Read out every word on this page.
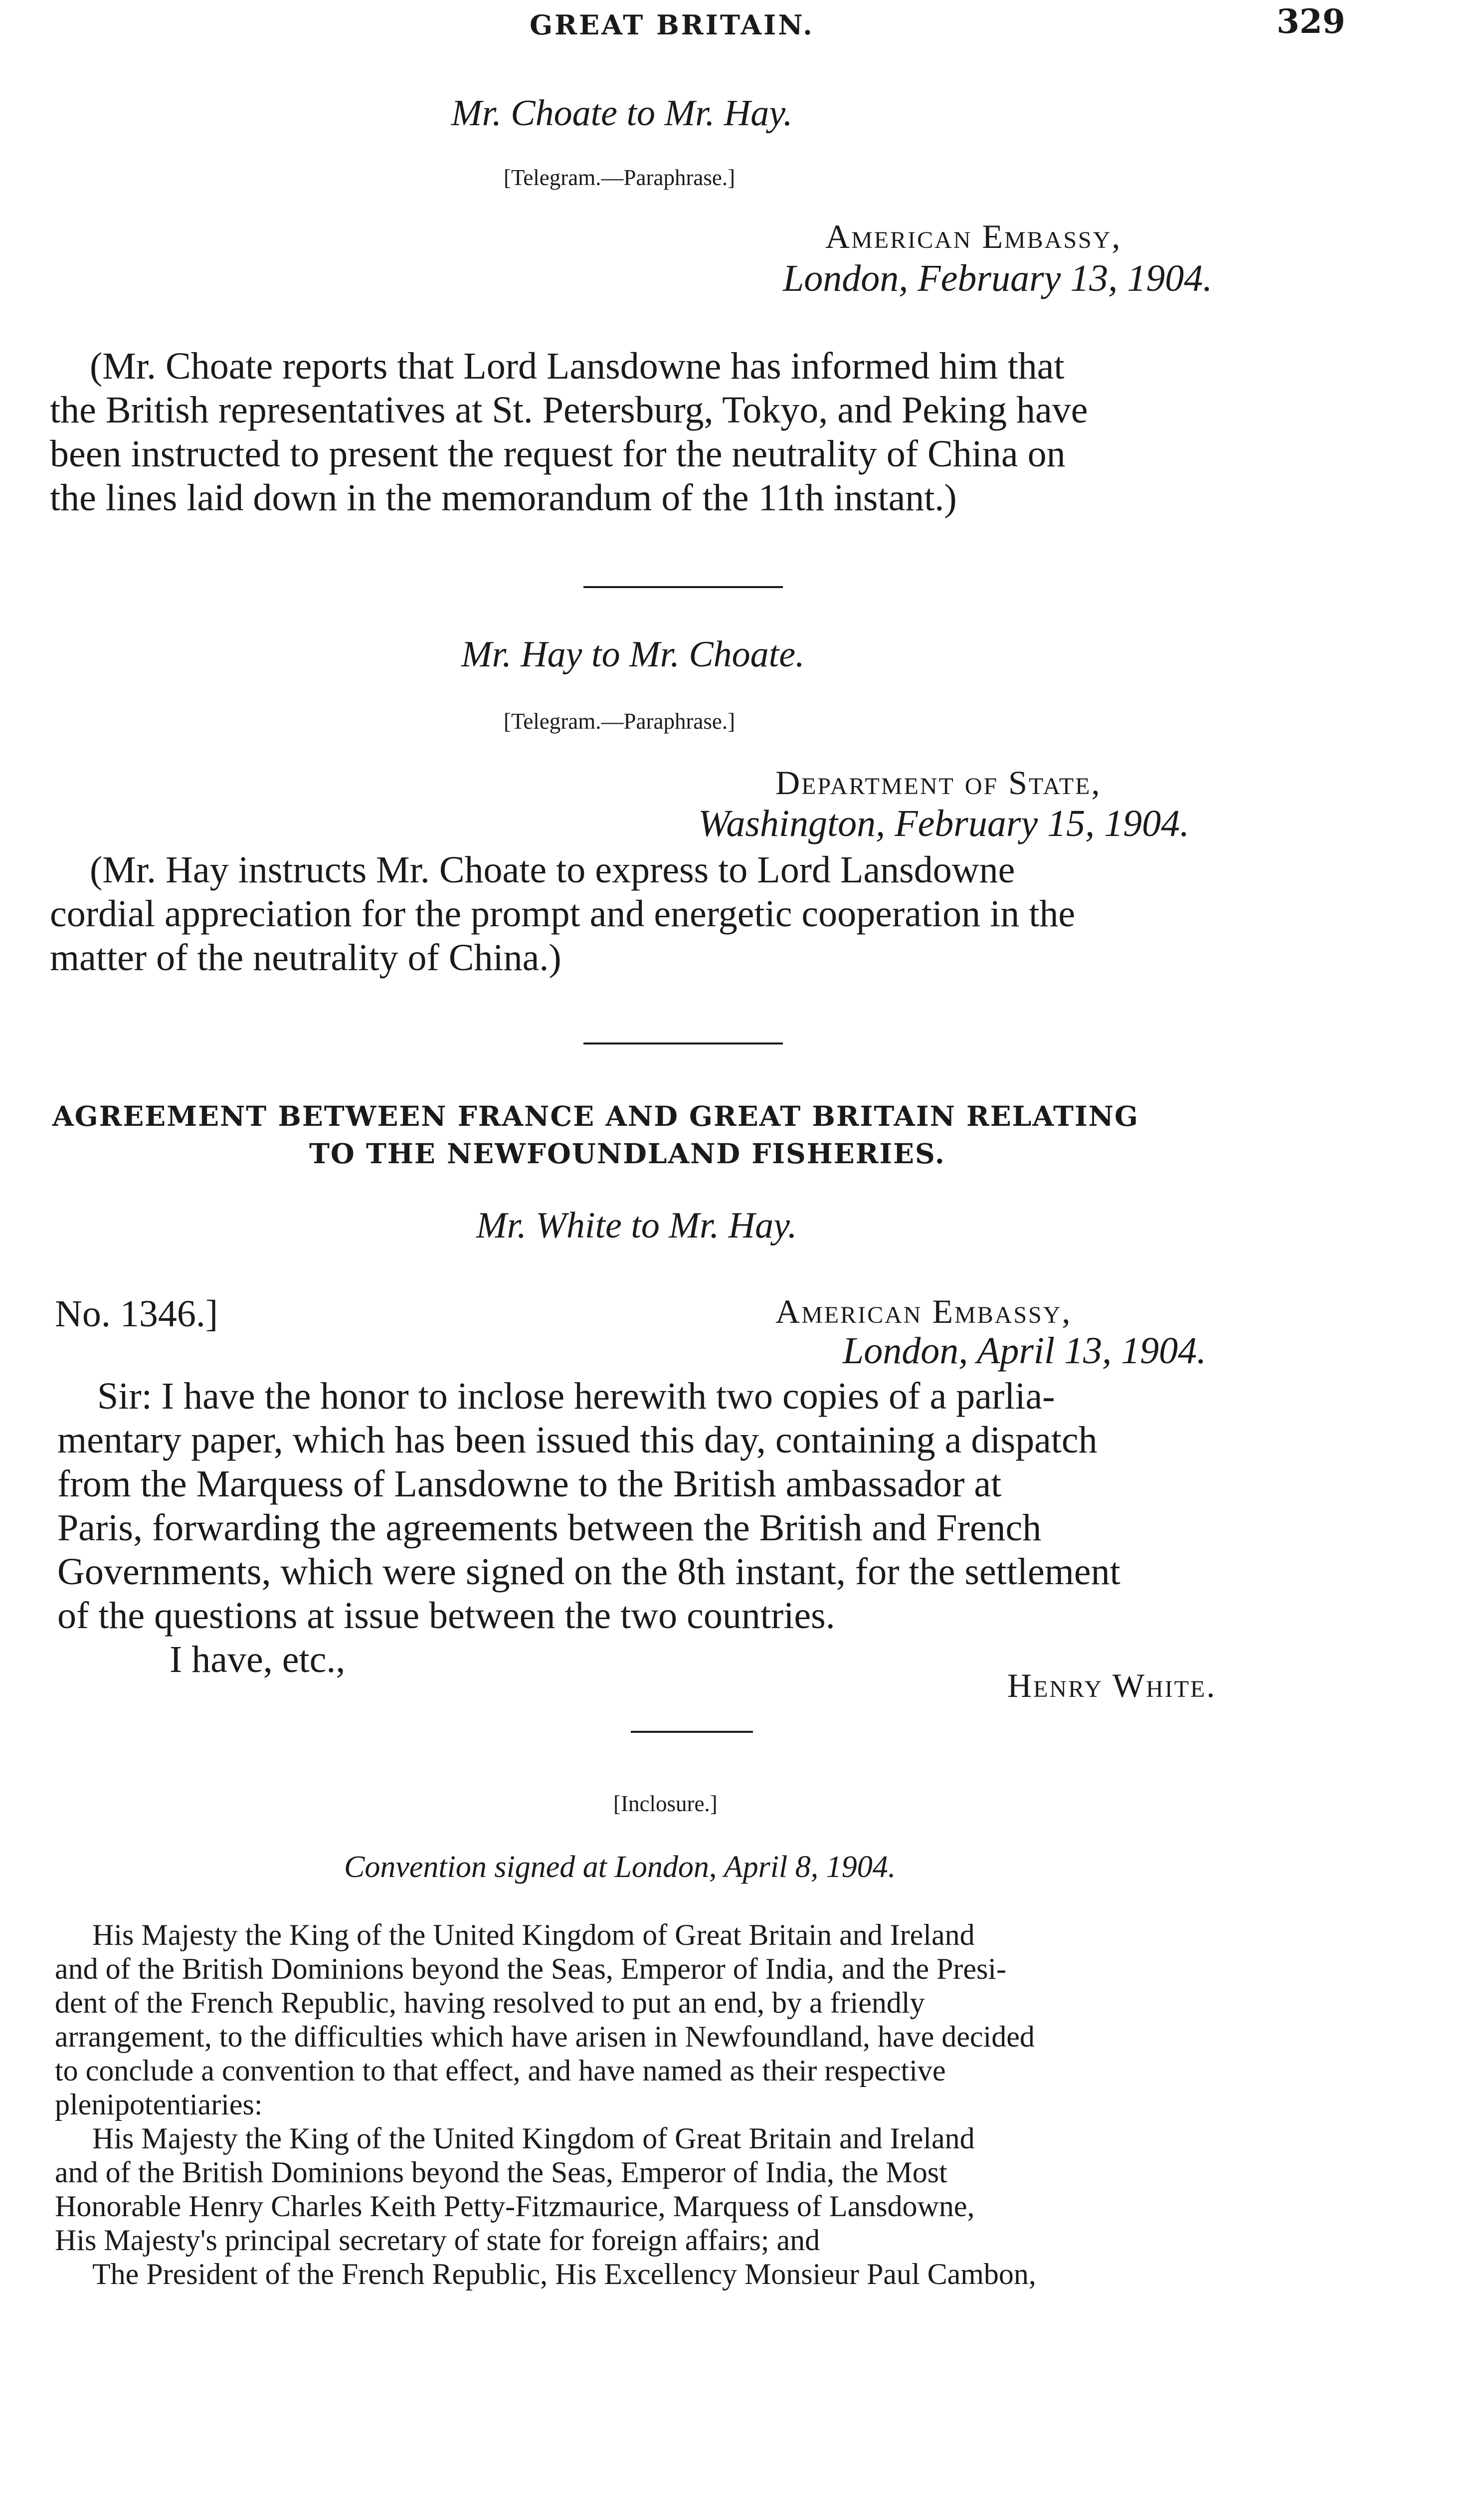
GREAT BRITAIN.	329
Mr. Choate to Mr. Hay.
[Telegram.—Paraphrase.]
American Embassy,
London, February 13, 1904.
(Mr. Choate reports that Lord Lansdowne has informed him that
the British representatives at St. Petersburg, Tokyo, and Peking have
been instructed to present the request for the neutrality of China on
the lines laid down in the memorandum of the 11th instant.)
Mr. Hay to Mr. Choate.
[Telegram.—Paraphrase.]
Department of State,
Washington, February 15, 1904.
(Mr. Hay instructs Mr. Choate to express to Lord Lansdowne
cordial appreciation for the prompt and energetic cooperation in the
matter of the neutrality of China.)
AGREEMENT BETWEEN FRANCE AND GREAT BRITAIN RELATING
TO THE NEWFOUNDLAND FISHERIES.
Mr. White to Mr. Hay.
No. 1346.]	American Embassy,
London, April 13, 1904.
Sir: I have the honor to inclose herewith two copies of a parlia-
mentary paper, which has been issued this day, containing a dispatch
from the Marquess of Lansdowne to the British ambassador at
Paris, forwarding the agreements between the British and French
Governments, which were signed on the 8th instant, for the settlement
of the questions at issue between the two countries.
I have, etc.,
Henry White.
[Inclosure.]
Convention signed at London, April 8, 1904.
His Majesty the King of the United Kingdom of Great Britain and Ireland
and of the British Dominions beyond the Seas, Emperor of India, and the Presi-
dent of the French Republic, having resolved to put an end, by a friendly
arrangement, to the difficulties which have arisen in Newfoundland, have decided
to conclude a convention to that effect, and have named as their respective
plenipotentiaries:
His Majesty the King of the United Kingdom of Great Britain and Ireland
and of the British Dominions beyond the Seas, Emperor of India, the Most
Honorable Henry Charles Keith Petty-Fitzmaurice, Marquess of Lansdowne,
His Majesty's principal secretary of state for foreign affairs; and
The President of the French Republic, His Excellency Monsieur Paul Cambon,
